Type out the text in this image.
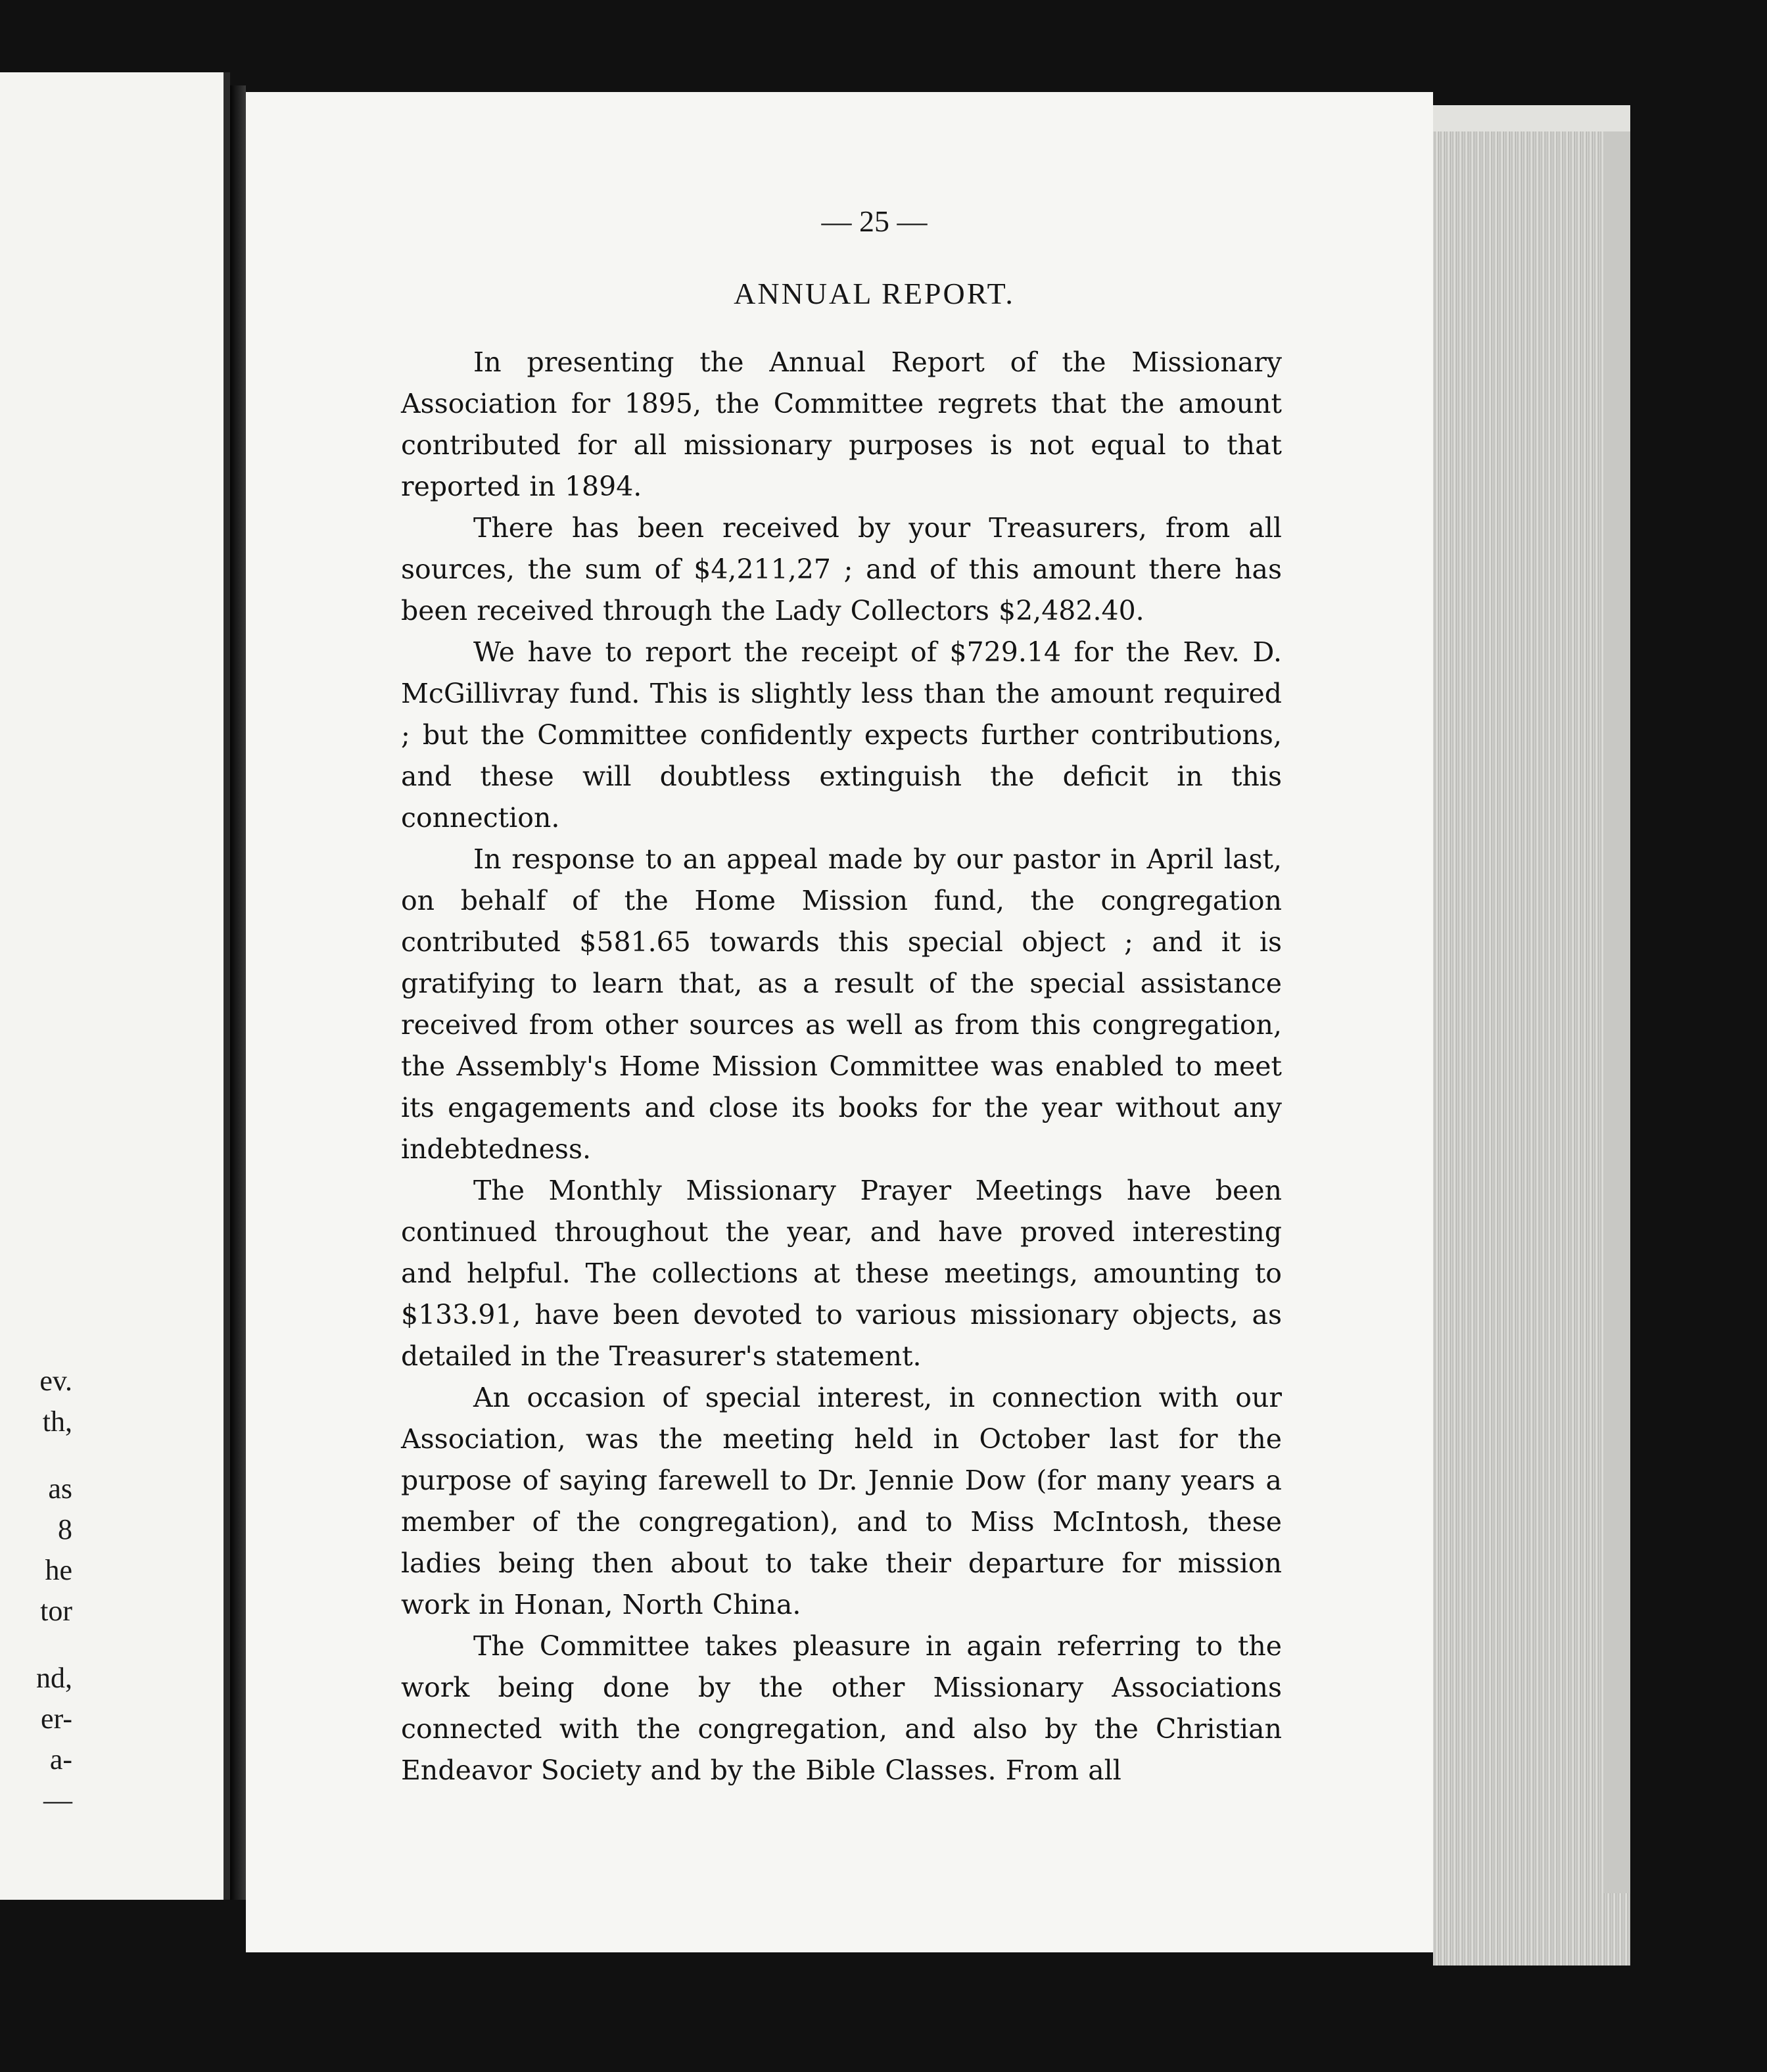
ev.
th,
as
8
he
tor
nd,
er-
a-
—
— 25 —
ANNUAL REPORT.

In presenting the Annual Report of the Missionary Association for 1895, the Committee regrets that the amount contributed for all missionary purposes is not equal to that reported in 1894.

There has been received by your Treasurers, from all sources, the sum of $4,211,27 ; and of this amount there has been received through the Lady Collectors $2,482.40.

We have to report the receipt of $729.14 for the Rev. D. McGillivray fund. This is slightly less than the amount required ; but the Committee confidently expects further contributions, and these will doubtless extinguish the deficit in this connection.

In response to an appeal made by our pastor in April last, on behalf of the Home Mission fund, the congregation contributed $581.65 towards this special object ; and it is gratifying to learn that, as a result of the special assistance received from other sources as well as from this congregation, the Assembly's Home Mission Committee was enabled to meet its engagements and close its books for the year without any indebtedness.

The Monthly Missionary Prayer Meetings have been continued throughout the year, and have proved interesting and helpful. The collections at these meetings, amounting to $133.91, have been devoted to various missionary objects, as detailed in the Treasurer's statement.

An occasion of special interest, in connection with our Association, was the meeting held in October last for the purpose of saying farewell to Dr. Jennie Dow (for many years a member of the congregation), and to Miss McIntosh, these ladies being then about to take their departure for mission work in Honan, North China.

The Committee takes pleasure in again referring to the work being done by the other Missionary Associations connected with the congregation, and also by the Christian Endeavor Society and by the Bible Classes. From all
